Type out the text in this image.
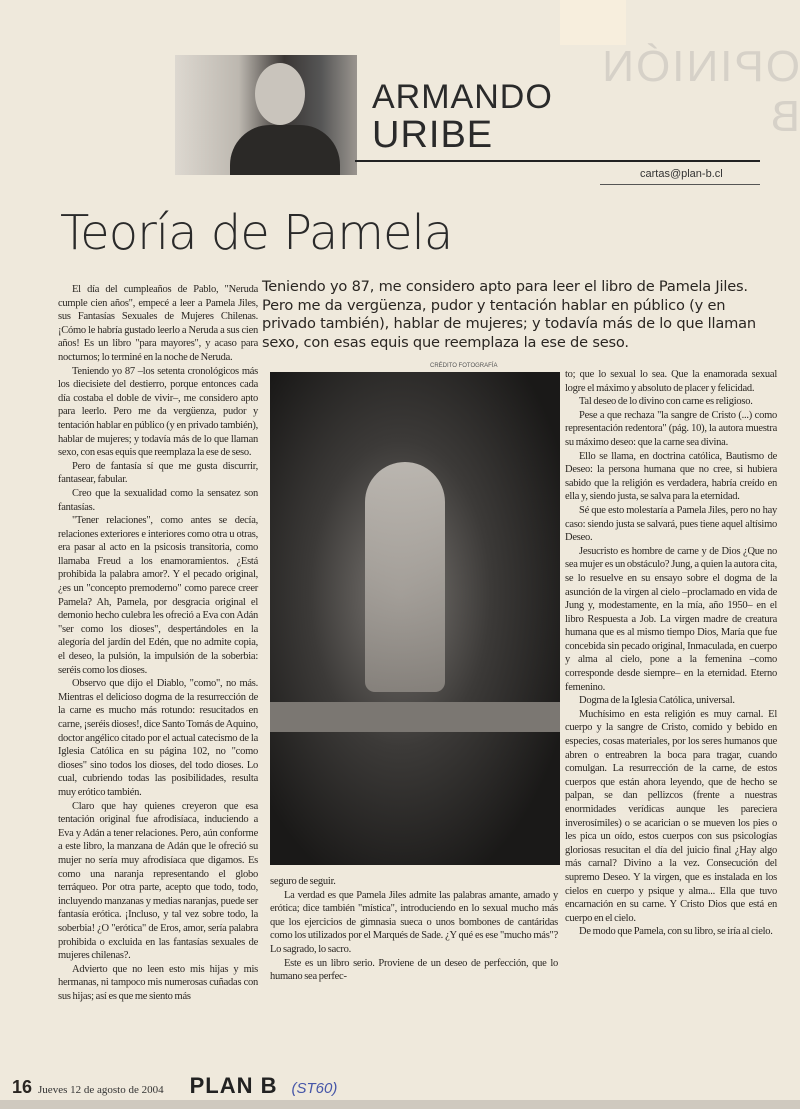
OPINIÓN B
ARMANDO
URIBE
cartas@plan-b.cl
Teoría de Pamela
Teniendo yo 87, me considero apto para leer el libro de Pamela Jiles. Pero me da vergüenza, pudor y tentación hablar en público (y en privado también), hablar de mujeres; y todavía más de lo que llaman sexo, con esas equis que reemplaza la ese de seso.
CRÉDITO FOTOGRAFÍA

El día del cumpleaños de Pablo, "Neruda cumple cien años", empecé a leer a Pamela Jiles, sus Fantasías Sexuales de Mujeres Chilenas. ¡Cómo le habría gustado leerlo a Neruda a sus cien años! Es un libro "para mayores", y acaso para nocturnos; lo terminé en la noche de Neruda.

Teniendo yo 87 –los setenta cronológicos más los diecisiete del destierro, porque entonces cada día costaba el doble de vivir–, me considero apto para leerlo. Pero me da vergüenza, pudor y tentación hablar en público (y en privado también), hablar de mujeres; y todavía más de lo que llaman sexo, con esas equis que reemplaza la ese de seso.

Pero de fantasía sí que me gusta discurrir, fantasear, fabular.

Creo que la sexualidad como la sensatez son fantasías.

"Tener relaciones", como antes se decía, relaciones exteriores e interiores como otra u otras, era pasar al acto en la psicosis transitoria, como llamaba Freud a los enamoramientos. ¿Está prohibida la palabra amor?. Y el pecado original, ¿es un "concepto premoderno" como parece creer Pamela? Ah, Pamela, por desgracia original el demonio hecho culebra les ofreció a Eva con Adán "ser como los dioses", despertándoles en la alegoría del jardín del Edén, que no admite copia, el deseo, la pulsión, la impulsión de la soberbia: seréis como los dioses.

Observo que dijo el Diablo, "como", no más. Mientras el delicioso dogma de la resurrección de la carne es mucho más rotundo: resucitados en carne, ¡seréis dioses!, dice Santo Tomás de Aquino, doctor angélico citado por el actual catecismo de la Iglesia Católica en su página 102, no "como dioses" sino todos los dioses, del todo dioses. Lo cual, cubriendo todas las posibilidades, resulta muy erótico también.

Claro que hay quienes creyeron que esa tentación original fue afrodisíaca, induciendo a Eva y Adán a tener relaciones. Pero, aún conforme a este libro, la manzana de Adán que le ofreció su mujer no sería muy afrodisíaca que digamos. Es como una naranja representando el globo terráqueo. Por otra parte, acepto que todo, todo, incluyendo manzanas y medias naranjas, puede ser fantasía erótica. ¡Incluso, y tal vez sobre todo, la soberbia! ¿O "erótica" de Eros, amor, sería palabra prohibida o excluida en las fantasías sexuales de mujeres chilenas?.

Advierto que no leen esto mis hijas y mis hermanas, ni tampoco mis numerosas cuñadas con sus hijas; así es que me siento más

seguro de seguir.

La verdad es que Pamela Jiles admite las palabras amante, amado y erótica; dice también "mística", introduciendo en lo sexual mucho más que los ejercicios de gimnasia sueca o unos bombones de cantáridas como los utilizados por el Marqués de Sade. ¿Y qué es ese "mucho más"? Lo sagrado, lo sacro.

Este es un libro serio. Proviene de un deseo de perfección, que lo humano sea perfec-

to; que lo sexual lo sea. Que la enamorada sexual logre el máximo y absoluto de placer y felicidad.

Tal deseo de lo divino con carne es religioso.

Pese a que rechaza "la sangre de Cristo (...) como representación redentora" (pág. 10), la autora muestra su máximo deseo: que la carne sea divina.

Ello se llama, en doctrina católica, Bautismo de Deseo: la persona humana que no cree, si hubiera sabido que la religión es verdadera, habría creído en ella y, siendo justa, se salva para la eternidad.

Sé que esto molestaría a Pamela Jiles, pero no hay caso: siendo justa se salvará, pues tiene aquel altísimo Deseo.

Jesucristo es hombre de carne y de Dios ¿Que no sea mujer es un obstáculo? Jung, a quien la autora cita, se lo resuelve en su ensayo sobre el dogma de la asunción de la virgen al cielo –proclamado en vida de Jung y, modestamente, en la mía, año 1950– en el libro Respuesta a Job. La virgen madre de creatura humana que es al mismo tiempo Dios, María que fue concebida sin pecado original, Inmaculada, en cuerpo y alma al cielo, pone a la femenina –como corresponde desde siempre– en la eternidad. Eterno femenino.

Dogma de la Iglesia Católica, universal.

Muchísimo en esta religión es muy carnal. El cuerpo y la sangre de Cristo, comido y bebido en especies, cosas materiales, por los seres humanos que abren o entreabren la boca para tragar, cuando comulgan. La resurrección de la carne, de estos cuerpos que están ahora leyendo, que de hecho se palpan, se dan pellizcos (frente a nuestras enormidades verídicas aunque les pareciera inverosímiles) o se acarician o se mueven los pies o les pica un oído, estos cuerpos con sus psicologías gloriosas resucitan el día del juicio final ¿Hay algo más carnal? Divino a la vez. Consecución del supremo Deseo. Y la virgen, que es instalada en los cielos en cuerpo y psique y alma... Ella que tuvo encarnación en su carne. Y Cristo Dios que está en cuerpo en el cielo.

De modo que Pamela, con su libro, se iría al cielo.

16 Jueves 12 de agosto de 2004 PLAN B (ST60)
